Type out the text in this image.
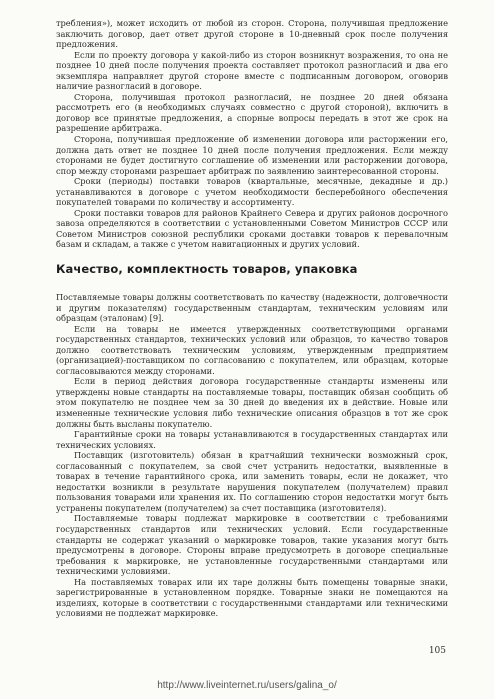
требления»), может исходить от любой из сторон. Сторона, получившая предложение заключить договор, дает ответ другой стороне в 10-дневный срок после получения предложения.

Если по проекту договора у какой-либо из сторон возникнут возражения, то она не позднее 10 дней после получения проекта составляет протокол разногласий и два его экземпляра направляет другой стороне вместе с подписанным договором, оговорив наличие разногласий в договоре.

Сторона, получившая протокол разногласий, не позднее 20 дней обязана рассмотреть его (в необходимых случаях совместно с другой стороной), включить в договор все принятые предложения, а спорные вопросы передать в этот же срок на разрешение арбитража.

Сторона, получившая предложение об изменении договора или расторжении его, должна дать ответ не позднее 10 дней после получения предложения. Если между сторонами не будет достигнуто соглашение об изменении или расторжении договора, спор между сторонами разрешает арбитраж по заявлению заинтересованной стороны.

Сроки (периоды) поставки товаров (квартальные, месячные, декадные и др.) устанавливаются в договоре с учетом необходимости бесперебойного обеспечения покупателей товарами по количеству и ассортименту.

Сроки поставки товаров для районов Крайнего Севера и других районов досрочного завоза определяются в соответствии с установленными Советом Министров СССР или Советом Министров союзной республики сроками доставки товаров к перевалочным базам и складам, а также с учетом навигационных и других условий.

Качество, комплектность товаров, упаковка

Поставляемые товары должны соответствовать по качеству (надежности, долговечности и другим показателям) государственным стандартам, техническим условиям или образцам (эталонам) [9].

Если на товары не имеется утвержденных соответствующими органами государственных стандартов, технических условий или образцов, то качество товаров должно соответствовать техническим условиям, утвержденным предприятием (организацией)-поставщиком по согласованию с покупателем, или образцам, которые согласовываются между сторонами.

Если в период действия договора государственные стандарты изменены или утверждены новые стандарты на поставляемые товары, поставщик обязан сообщить об этом покупателю не позднее чем за 30 дней до введения их в действие. Новые или измененные технические условия либо технические описания образцов в тот же срок должны быть высланы покупателю.

Гарантийные сроки на товары устанавливаются в государственных стандартах или технических условиях.

Поставщик (изготовитель) обязан в кратчайший технически возможный срок, согласованный с покупателем, за свой счет устранить недостатки, выявленные в товарах в течение гарантийного срока, или заменить товары, если не докажет, что недостатки возникли в результате нарушения покупателем (получателем) правил пользования товарами или хранения их. По соглашению сторон недостатки могут быть устранены покупателем (получателем) за счет поставщика (изготовителя).

Поставляемые товары подлежат маркировке в соответствии с требованиями государственных стандартов или технических условий. Если государственные стандарты не содержат указаний о маркировке товаров, такие указания могут быть предусмотрены в договоре. Стороны вправе предусмотреть в договоре специальные требования к маркировке, не установленные государственными стандартами или техническими условиями.

На поставляемых товарах или их таре должны быть помещены товарные знаки, зарегистрированные в установленном порядке. Товарные знаки не помещаются на изделиях, которые в соответствии с государственными стандартами или техническими условиями не подлежат маркировке.

105
http://www.liveinternet.ru/users/galina_o/
